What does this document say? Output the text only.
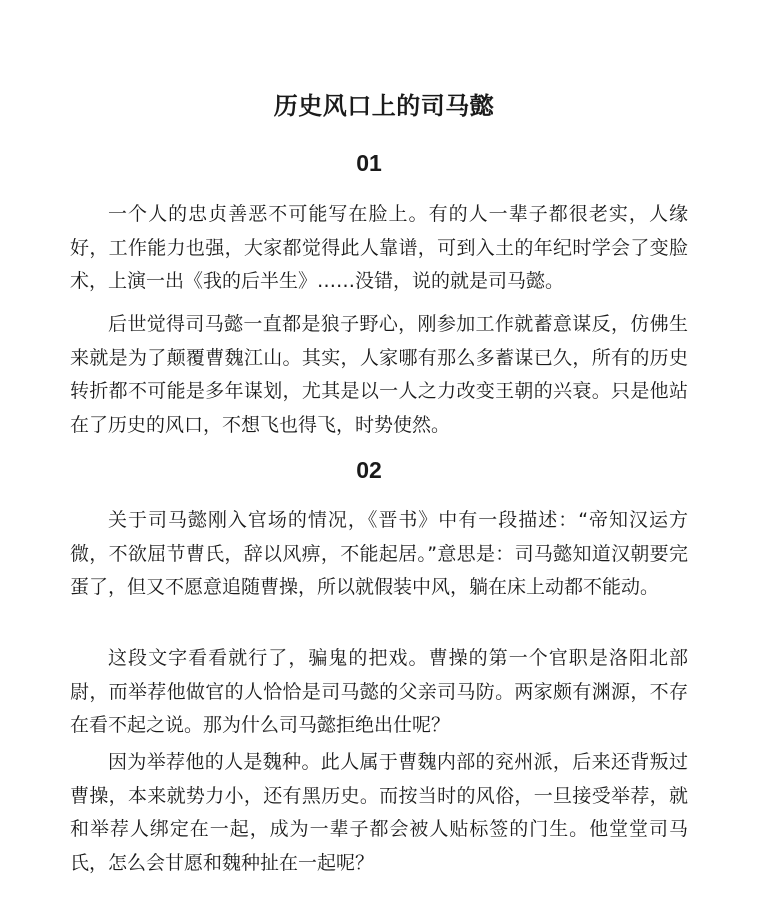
历史风口上的司马懿
01

一个人的忠贞善恶不可能写在脸上。有的人一辈子都很老实，人缘好，工作能力也强，大家都觉得此人靠谱，可到入土的年纪时学会了变脸术，上演一出《我的后半生》……没错，说的就是司马懿。

后世觉得司马懿一直都是狼子野心，刚参加工作就蓄意谋反，仿佛生来就是为了颠覆曹魏江山。其实，人家哪有那么多蓄谋已久，所有的历史转折都不可能是多年谋划，尤其是以一人之力改变王朝的兴衰。只是他站在了历史的风口，不想飞也得飞，时势使然。

02

关于司马懿刚入官场的情况，《晋书》中有一段描述：“帝知汉运方微，不欲屈节曹氏，辞以风痹，不能起居。”意思是：司马懿知道汉朝要完蛋了，但又不愿意追随曹操，所以就假装中风，躺在床上动都不能动。

这段文字看看就行了，骗鬼的把戏。曹操的第一个官职是洛阳北部尉，而举荐他做官的人恰恰是司马懿的父亲司马防。两家颇有渊源，不存在看不起之说。那为什么司马懿拒绝出仕呢？

因为举荐他的人是魏种。此人属于曹魏内部的兖州派，后来还背叛过曹操，本来就势力小，还有黑历史。而按当时的风俗，一旦接受举荐，就和举荐人绑定在一起，成为一辈子都会被人贴标签的门生。他堂堂司马氏，怎么会甘愿和魏种扯在一起呢？
